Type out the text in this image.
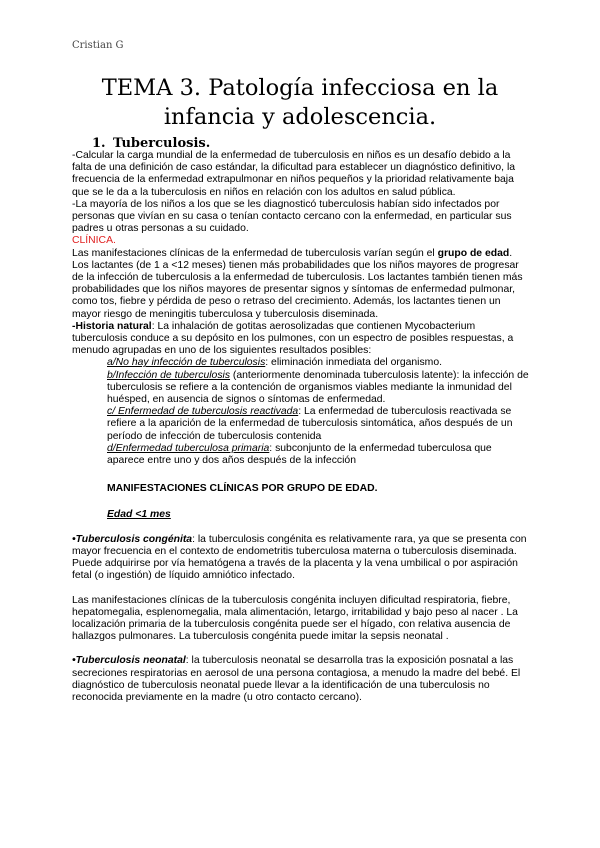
Cristian G
TEMA 3. Patología infecciosa en la
infancia y adolescencia.
1. Tuberculosis.

-Calcular la carga mundial de la enfermedad de tuberculosis en niños es un desafío debido a la falta de una definición de caso estándar, la dificultad para establecer un diagnóstico definitivo, la frecuencia de la enfermedad extrapulmonar en niños pequeños y la prioridad relativamente baja que se le da a la tuberculosis en niños en relación con los adultos en salud pública.

-La mayoría de los niños a los que se les diagnosticó tuberculosis habían sido infectados por personas que vivían en su casa o tenían contacto cercano con la enfermedad, en particular sus padres u otras personas a su cuidado.

CLÍNICA.

Las manifestaciones clínicas de la enfermedad de tuberculosis varían según el grupo de edad. Los lactantes (de 1 a <12 meses) tienen más probabilidades que los niños mayores de progresar de la infección de tuberculosis a la enfermedad de tuberculosis. Los lactantes también tienen más probabilidades que los niños mayores de presentar signos y síntomas de enfermedad pulmonar, como tos, fiebre y pérdida de peso o retraso del crecimiento. Además, los lactantes tienen un mayor riesgo de meningitis tuberculosa y tuberculosis diseminada.

-Historia natural: La inhalación de gotitas aerosolizadas que contienen Mycobacterium tuberculosis conduce a su depósito en los pulmones, con un espectro de posibles respuestas, a menudo agrupadas en uno de los siguientes resultados posibles:

a/No hay infección de tuberculosis: eliminación inmediata del organismo.

b/Infección de tuberculosis (anteriormente denominada tuberculosis latente): la infección de tuberculosis se refiere a la contención de organismos viables mediante la inmunidad del huésped, en ausencia de signos o síntomas de enfermedad.

c/ Enfermedad de tuberculosis reactivada: La enfermedad de tuberculosis reactivada se refiere a la aparición de la enfermedad de tuberculosis sintomática, años después de un período de infección de tuberculosis contenida

d/Enfermedad tuberculosa primaria: subconjunto de la enfermedad tuberculosa que aparece entre uno y dos años después de la infección

MANIFESTACIONES CLÍNICAS POR GRUPO DE EDAD.

Edad <1 mes

•Tuberculosis congénita: la tuberculosis congénita es relativamente rara, ya que se presenta con mayor frecuencia en el contexto de endometritis tuberculosa materna o tuberculosis diseminada. Puede adquirirse por vía hematógena a través de la placenta y la vena umbilical o por aspiración fetal (o ingestión) de líquido amniótico infectado.

Las manifestaciones clínicas de la tuberculosis congénita incluyen dificultad respiratoria, fiebre, hepatomegalia, esplenomegalia, mala alimentación, letargo, irritabilidad y bajo peso al nacer . La localización primaria de la tuberculosis congénita puede ser el hígado, con relativa ausencia de hallazgos pulmonares. La tuberculosis congénita puede imitar la sepsis neonatal .

•Tuberculosis neonatal: la tuberculosis neonatal se desarrolla tras la exposición posnatal a las secreciones respiratorias en aerosol de una persona contagiosa, a menudo la madre del bebé. El diagnóstico de tuberculosis neonatal puede llevar a la identificación de una tuberculosis no reconocida previamente en la madre (u otro contacto cercano).
